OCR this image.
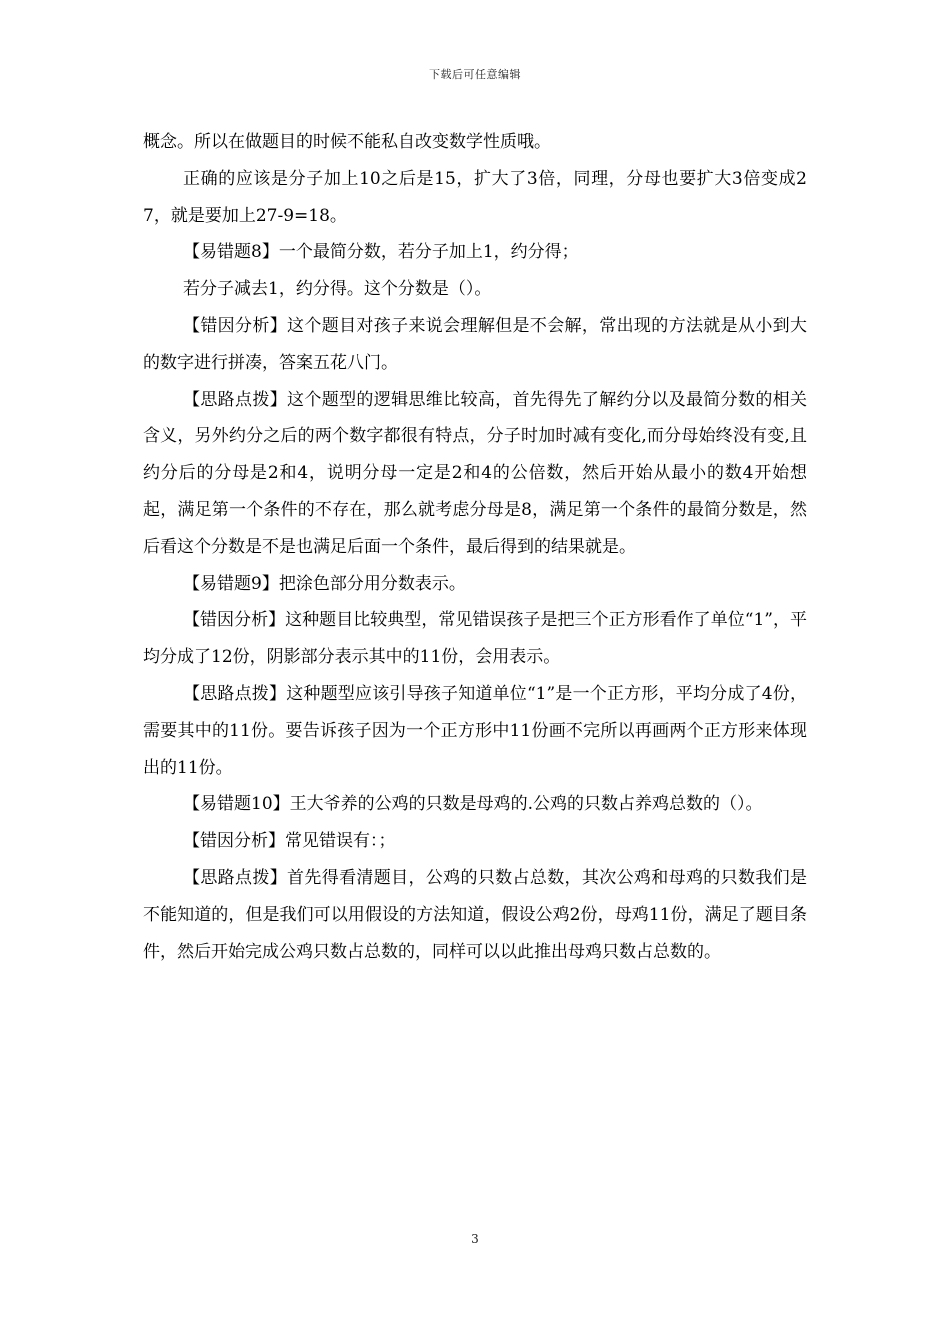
下载后可任意编辑

概念。所以在做题目的时候不能私自改变数学性质哦。

正确的应该是分子加上10之后是15，扩大了3倍，同理，分母也要扩大3倍变成27，就是要加上27-9=18。

【易错题8】一个最简分数，若分子加上1，约分得；

若分子减去1，约分得。这个分数是（）。

【错因分析】这个题目对孩子来说会理解但是不会解，常出现的方法就是从小到大的数字进行拼凑，答案五花八门。

【思路点拨】这个题型的逻辑思维比较高，首先得先了解约分以及最简分数的相关含义，另外约分之后的两个数字都很有特点，分子时加时减有变化,而分母始终没有变,且约分后的分母是2和4，说明分母一定是2和4的公倍数，然后开始从最小的数4开始想起，满足第一个条件的不存在，那么就考虑分母是8，满足第一个条件的最简分数是，然后看这个分数是不是也满足后面一个条件，最后得到的结果就是。

【易错题9】把涂色部分用分数表示。

【错因分析】这种题目比较典型，常见错误孩子是把三个正方形看作了单位“1”，平均分成了12份，阴影部分表示其中的11份，会用表示。

【思路点拨】这种题型应该引导孩子知道单位“1”是一个正方形，平均分成了4份，需要其中的11份。要告诉孩子因为一个正方形中11份画不完所以再画两个正方形来体现出的11份。

【易错题10】王大爷养的公鸡的只数是母鸡的.公鸡的只数占养鸡总数的（）。

【错因分析】常见错误有：；

【思路点拨】首先得看清题目，公鸡的只数占总数，其次公鸡和母鸡的只数我们是不能知道的，但是我们可以用假设的方法知道，假设公鸡2份，母鸡11份，满足了题目条件，然后开始完成公鸡只数占总数的，同样可以以此推出母鸡只数占总数的。

3
